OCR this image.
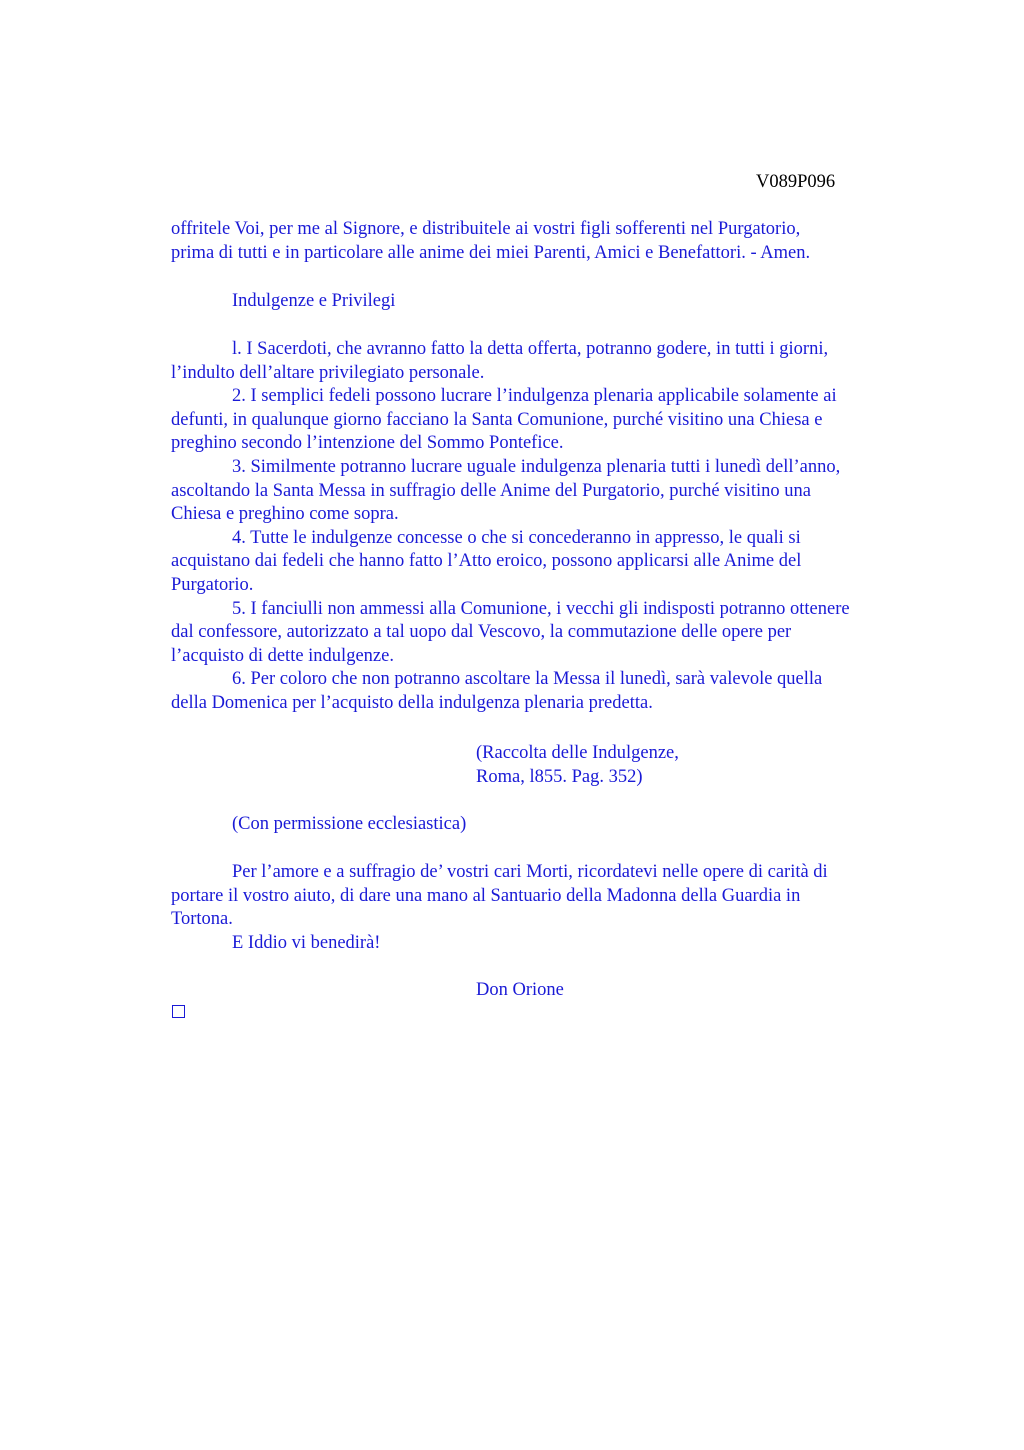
V089P096
offritele Voi, per me al Signore, e distribuitele ai vostri figli sofferenti nel Purgatorio,
prima di tutti e in particolare alle anime dei miei Parenti, Amici e Benefattori. - Amen.
Indulgenze e Privilegi
l. I Sacerdoti, che avranno fatto la detta offerta, potranno godere, in tutti i giorni,
l’indulto dell’altare privilegiato personale.
2. I semplici fedeli possono lucrare l’indulgenza plenaria applicabile solamente ai
defunti, in qualunque giorno facciano la Santa Comunione, purché visitino una Chiesa e
preghino secondo l’intenzione del Sommo Pontefice.
3. Similmente potranno lucrare uguale indulgenza plenaria tutti i lunedì dell’anno,
ascoltando la Santa Messa in suffragio delle Anime del Purgatorio, purché visitino una
Chiesa e preghino come sopra.
4. Tutte le indulgenze concesse o che si concederanno in appresso, le quali si
acquistano dai fedeli che hanno fatto l’Atto eroico, possono applicarsi alle Anime del
Purgatorio.
5. I fanciulli non ammessi alla Comunione, i vecchi gli indisposti potranno ottenere
dal confessore, autorizzato a tal uopo dal Vescovo, la commutazione delle opere per
l’acquisto di dette indulgenze.
6. Per coloro che non potranno ascoltare la Messa il lunedì, sarà valevole quella
della Domenica per l’acquisto della indulgenza plenaria predetta.
(Raccolta delle Indulgenze,
Roma, l855. Pag. 352)
(Con permissione ecclesiastica)
Per l’amore e a suffragio de’ vostri cari Morti, ricordatevi nelle opere di carità di
portare il vostro aiuto, di dare una mano al Santuario della Madonna della Guardia in
Tortona.
E Iddio vi benedirà!
Don Orione
